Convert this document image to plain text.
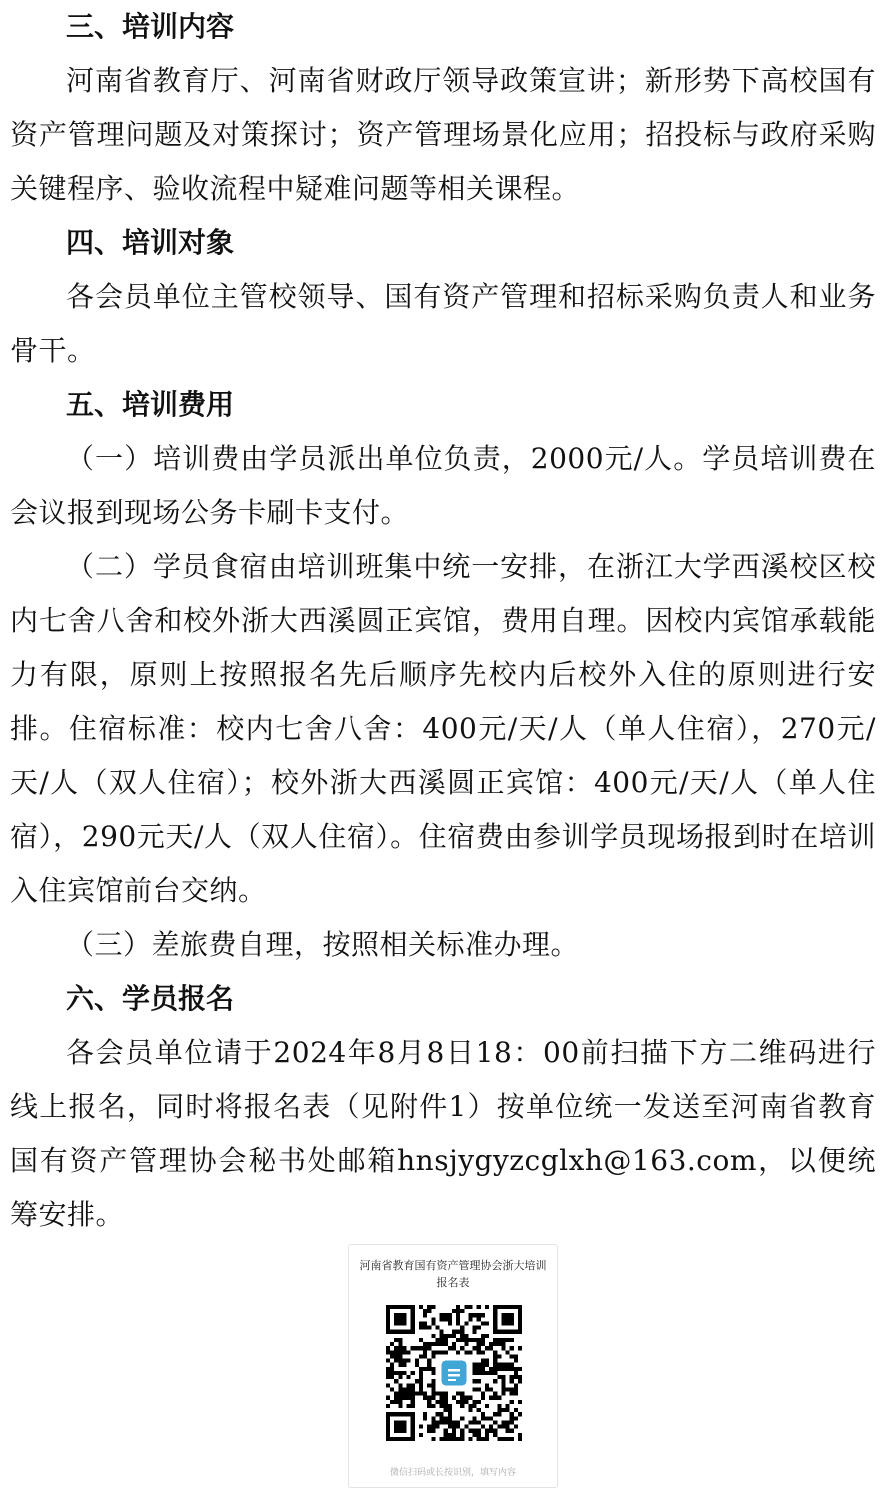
三、培训内容

河南省教育厅、河南省财政厅领导政策宣讲；新形势下高校国有资产管理问题及对策探讨；资产管理场景化应用；招投标与政府采购关键程序、验收流程中疑难问题等相关课程。

四、培训对象

各会员单位主管校领导、国有资产管理和招标采购负责人和业务骨干。

五、培训费用

（一）培训费由学员派出单位负责，2000元/人。学员培训费在会议报到现场公务卡刷卡支付。

（二）学员食宿由培训班集中统一安排，在浙江大学西溪校区校内七舍八舍和校外浙大西溪圆正宾馆，费用自理。因校内宾馆承载能力有限，原则上按照报名先后顺序先校内后校外入住的原则进行安排。住宿标准：校内七舍八舍：400元/天/人（单人住宿），270元/天/人（双人住宿）；校外浙大西溪圆正宾馆：400元/天/人（单人住宿），290元天/人（双人住宿）。住宿费由参训学员现场报到时在培训入住宾馆前台交纳。

（三）差旅费自理，按照相关标准办理。

六、学员报名

各会员单位请于2024年8月8日18：00前扫描下方二维码进行线上报名，同时将报名表（见附件1）按单位统一发送至河南省教育国有资产管理协会秘书处邮箱hnsjygyzcglxh@163.com，以便统筹安排。

河南省教育国有资产管理协会浙大培训报名表
微信扫码或长按识别，填写内容
